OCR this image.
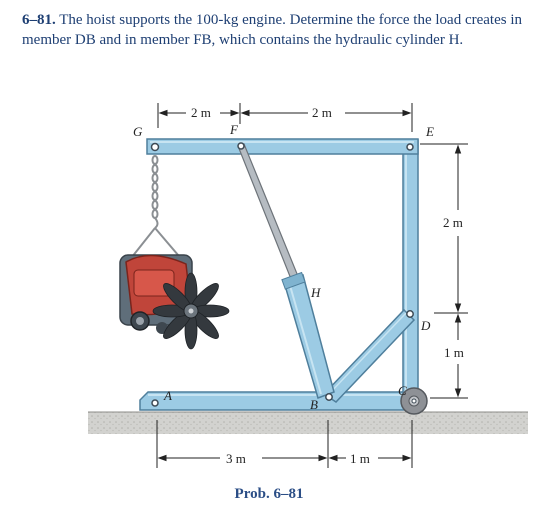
6–81. The hoist supports the 100-kg engine. Determine the force the load creates in member DB and in member FB, which contains the hydraulic cylinder H.
2 m	2 m
2 m
1 m
3 m	1 m
G	F	E
D
H
B
C
A
Prob. 6–81
